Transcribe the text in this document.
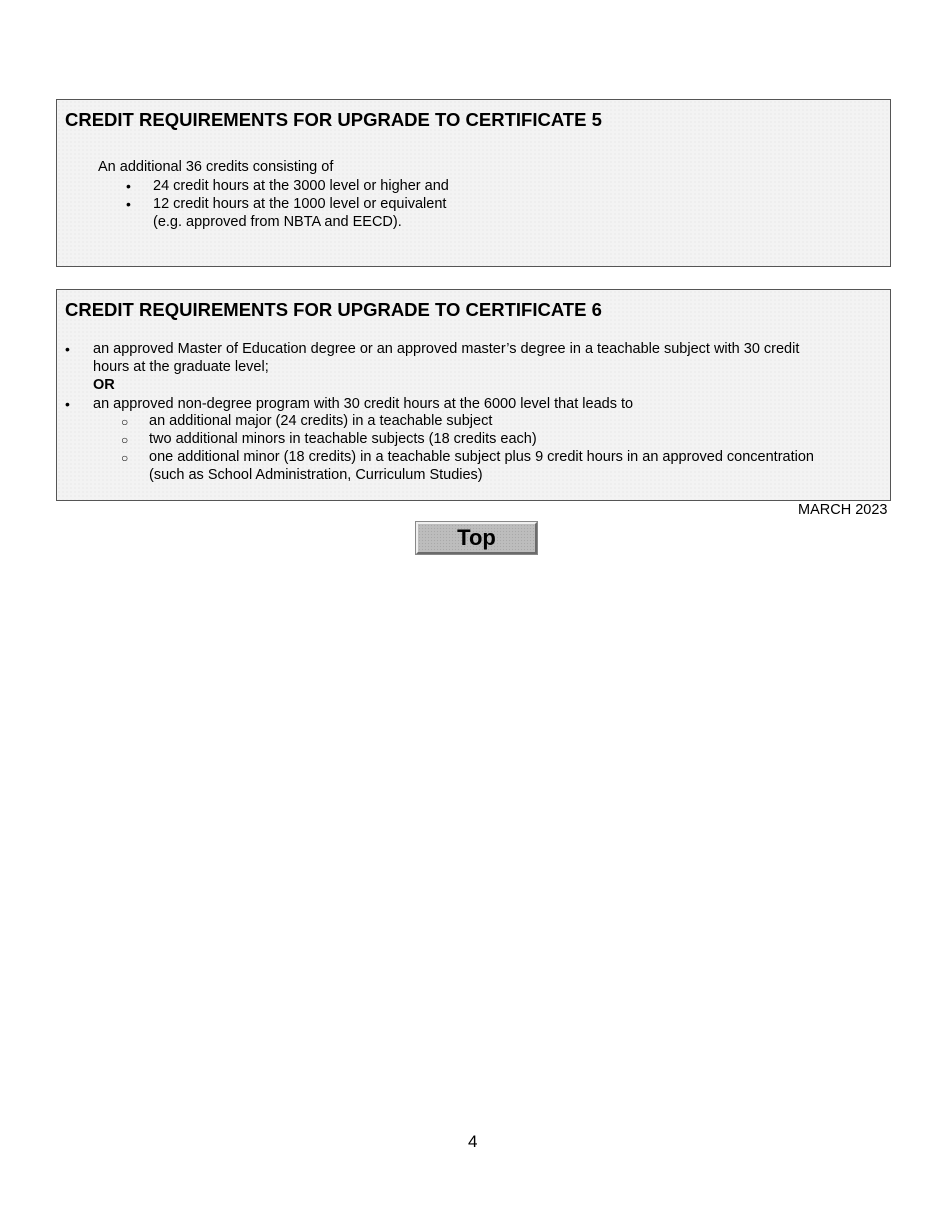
CREDIT REQUIREMENTS FOR UPGRADE TO CERTIFICATE 5
An additional 36 credits consisting of
• 24 credit hours at the 3000 level or higher and
• 12 credit hours at the 1000 level or equivalent
(e.g. approved from NBTA and EECD).
CREDIT REQUIREMENTS FOR UPGRADE TO CERTIFICATE 6
• an approved Master of Education degree or an approved master’s degree in a teachable subject with 30 credit
hours at the graduate level;
OR
• an approved non-degree program with 30 credit hours at the 6000 level that leads to
○ an additional major (24 credits) in a teachable subject
○ two additional minors in teachable subjects (18 credits each)
○ one additional minor (18 credits) in a teachable subject plus 9 credit hours in an approved concentration
(such as School Administration, Curriculum Studies)
MARCH 2023
Top
4
